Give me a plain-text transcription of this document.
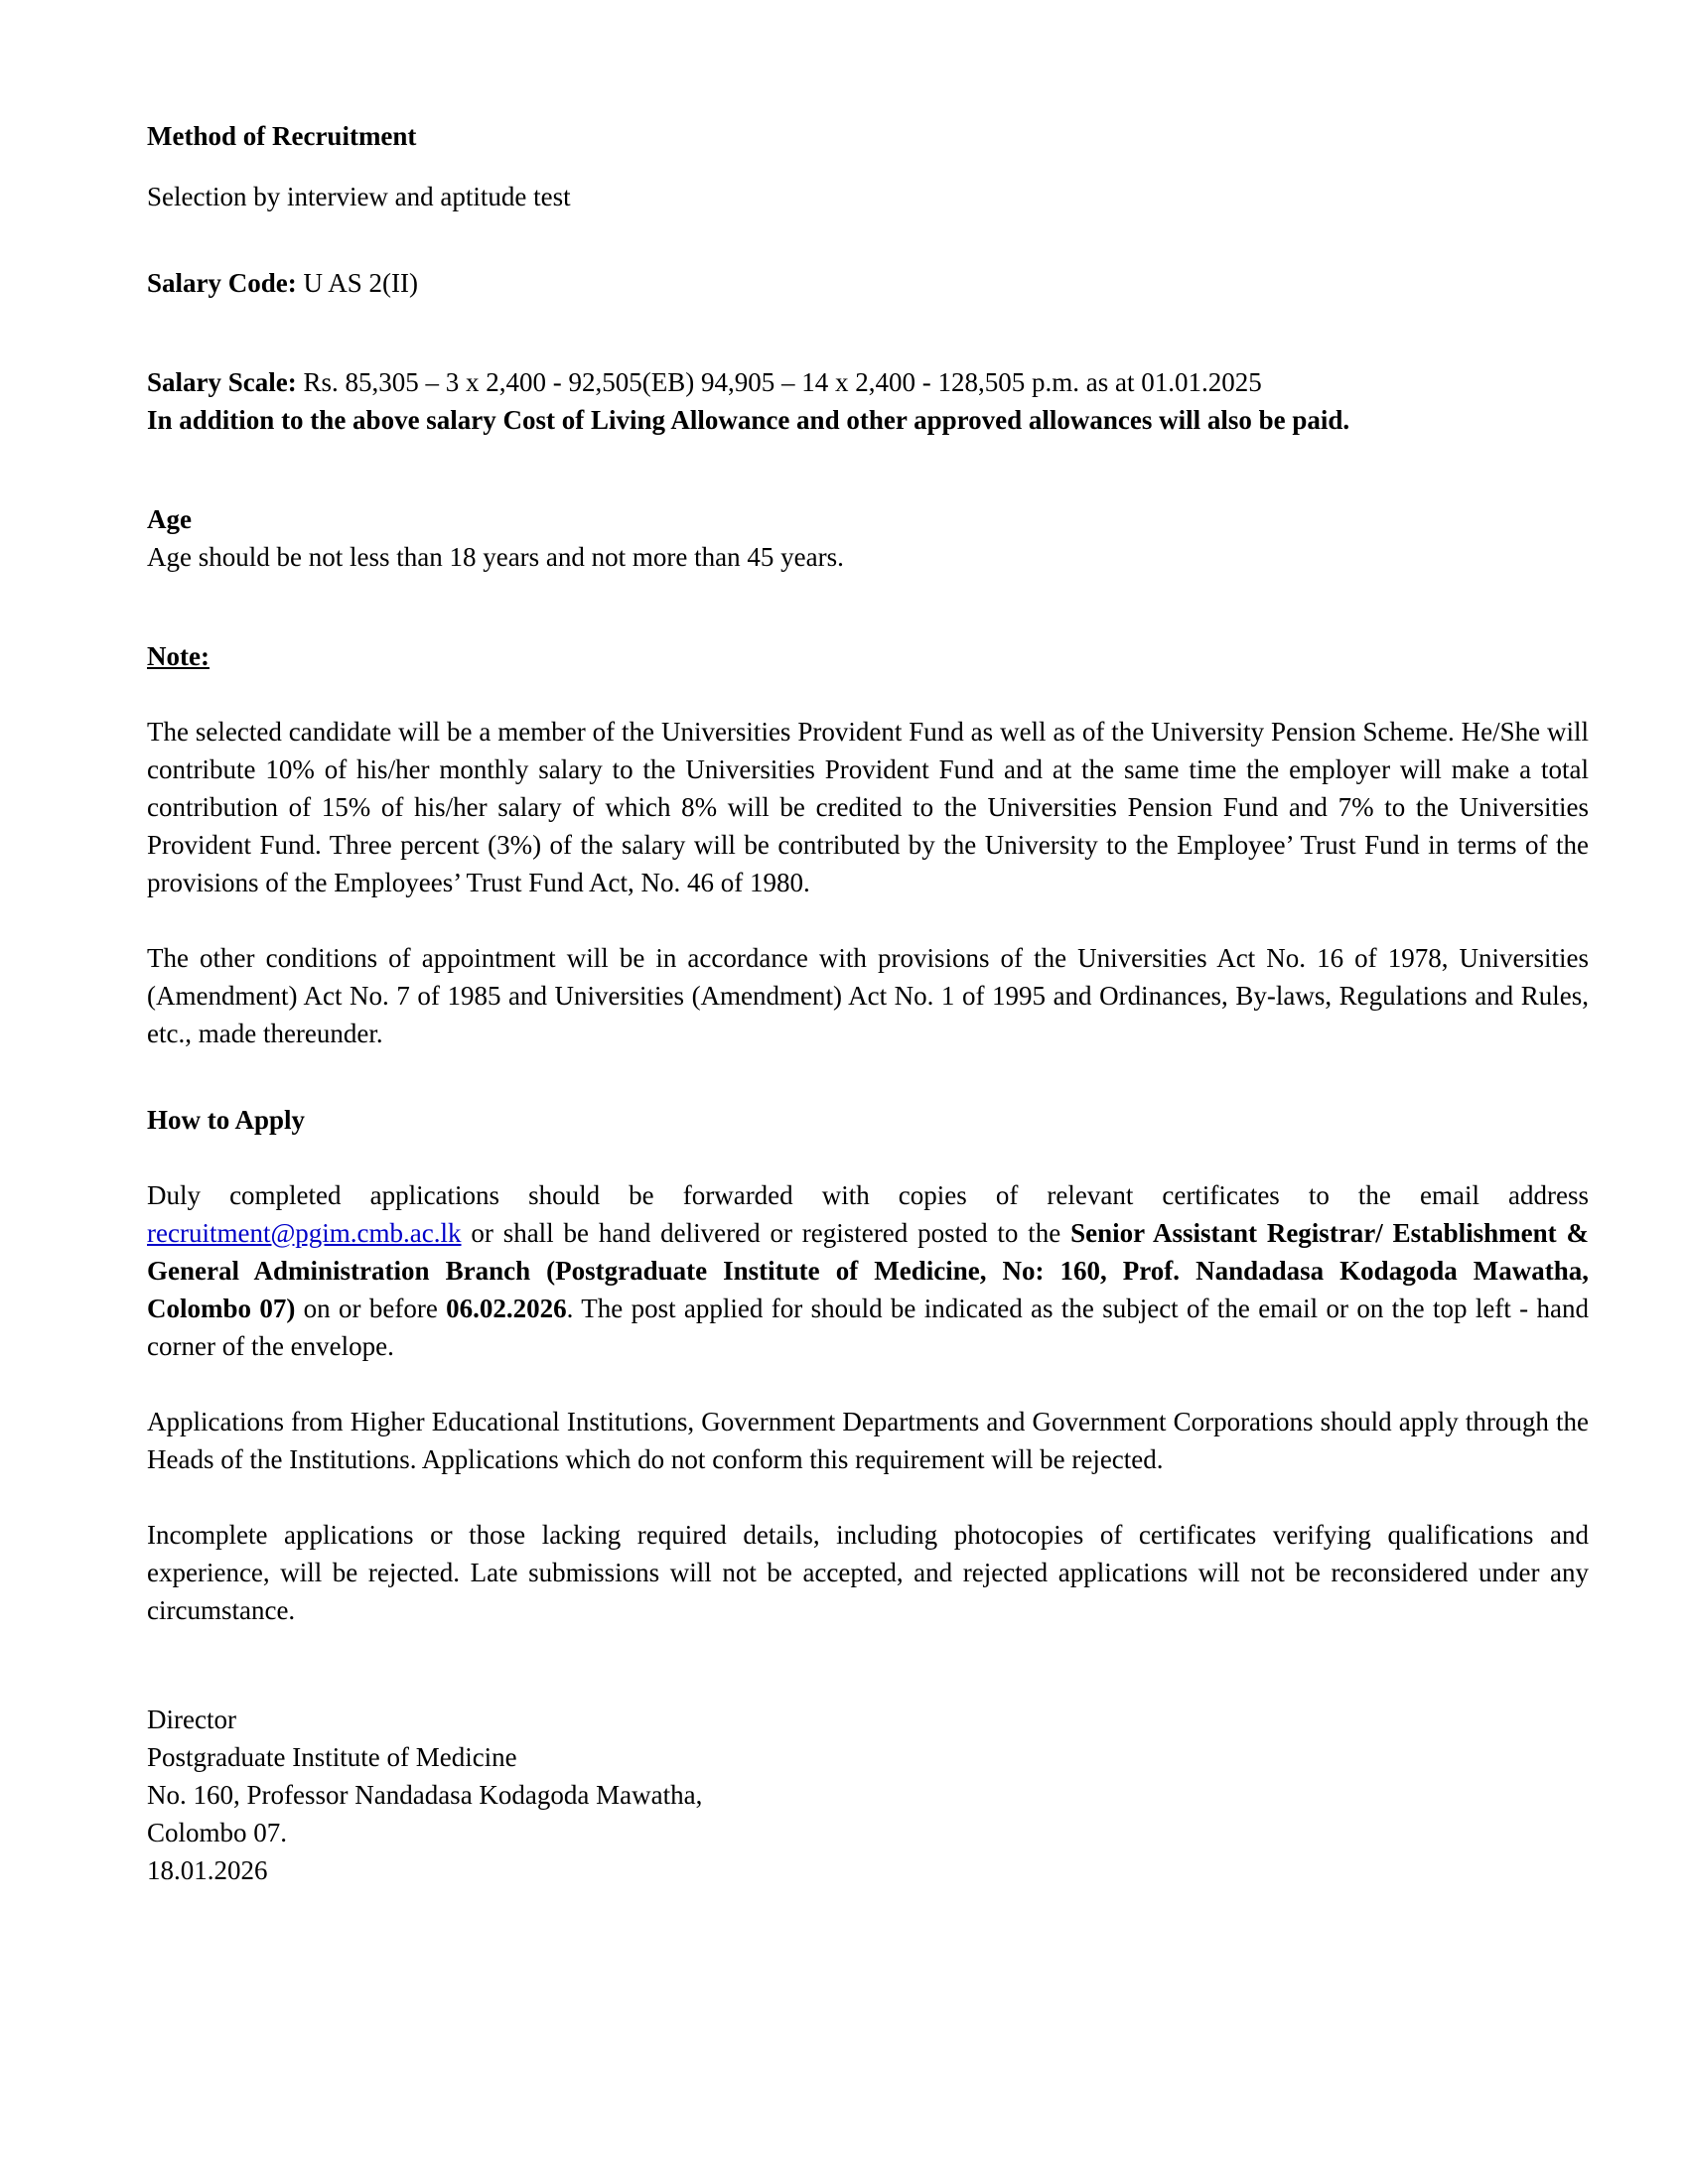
Method of Recruitment

Selection by interview and aptitude test

Salary Code: U AS 2(II)

Salary Scale: Rs. 85,305 – 3 x 2,400 - 92,505(EB) 94,905 – 14 x 2,400 - 128,505 p.m. as at 01.01.2025

In addition to the above salary Cost of Living Allowance and other approved allowances will also be paid.

Age

Age should be not less than 18 years and not more than 45 years.

Note:

The selected candidate will be a member of the Universities Provident Fund as well as of the University Pension Scheme. He/She will contribute 10% of his/her monthly salary to the Universities Provident Fund and at the same time the employer will make a total contribution of 15% of his/her salary of which 8% will be credited to the Universities Pension Fund and 7% to the Universities Provident Fund. Three percent (3%) of the salary will be contributed by the University to the Employee’ Trust Fund in terms of the provisions of the Employees’ Trust Fund Act, No. 46 of 1980.

The other conditions of appointment will be in accordance with provisions of the Universities Act No. 16 of 1978, Universities (Amendment) Act No. 7 of 1985 and Universities (Amendment) Act No. 1 of 1995 and Ordinances, By-laws, Regulations and Rules, etc., made thereunder.

How to Apply

Duly completed applications should be forwarded with copies of relevant certificates to the email address recruitment@pgim.cmb.ac.lk or shall be hand delivered or registered posted to the Senior Assistant Registrar/ Establishment & General Administration Branch (Postgraduate Institute of Medicine, No: 160, Prof. Nandadasa Kodagoda Mawatha, Colombo 07) on or before 06.02.2026. The post applied for should be indicated as the subject of the email or on the top left - hand corner of the envelope.

Applications from Higher Educational Institutions, Government Departments and Government Corporations should apply through the Heads of the Institutions. Applications which do not conform this requirement will be rejected.

Incomplete applications or those lacking required details, including photocopies of certificates verifying qualifications and experience, will be rejected. Late submissions will not be accepted, and rejected applications will not be reconsidered under any circumstance.

Director

Postgraduate Institute of Medicine

No. 160, Professor Nandadasa Kodagoda Mawatha,

Colombo 07.

18.01.2026
